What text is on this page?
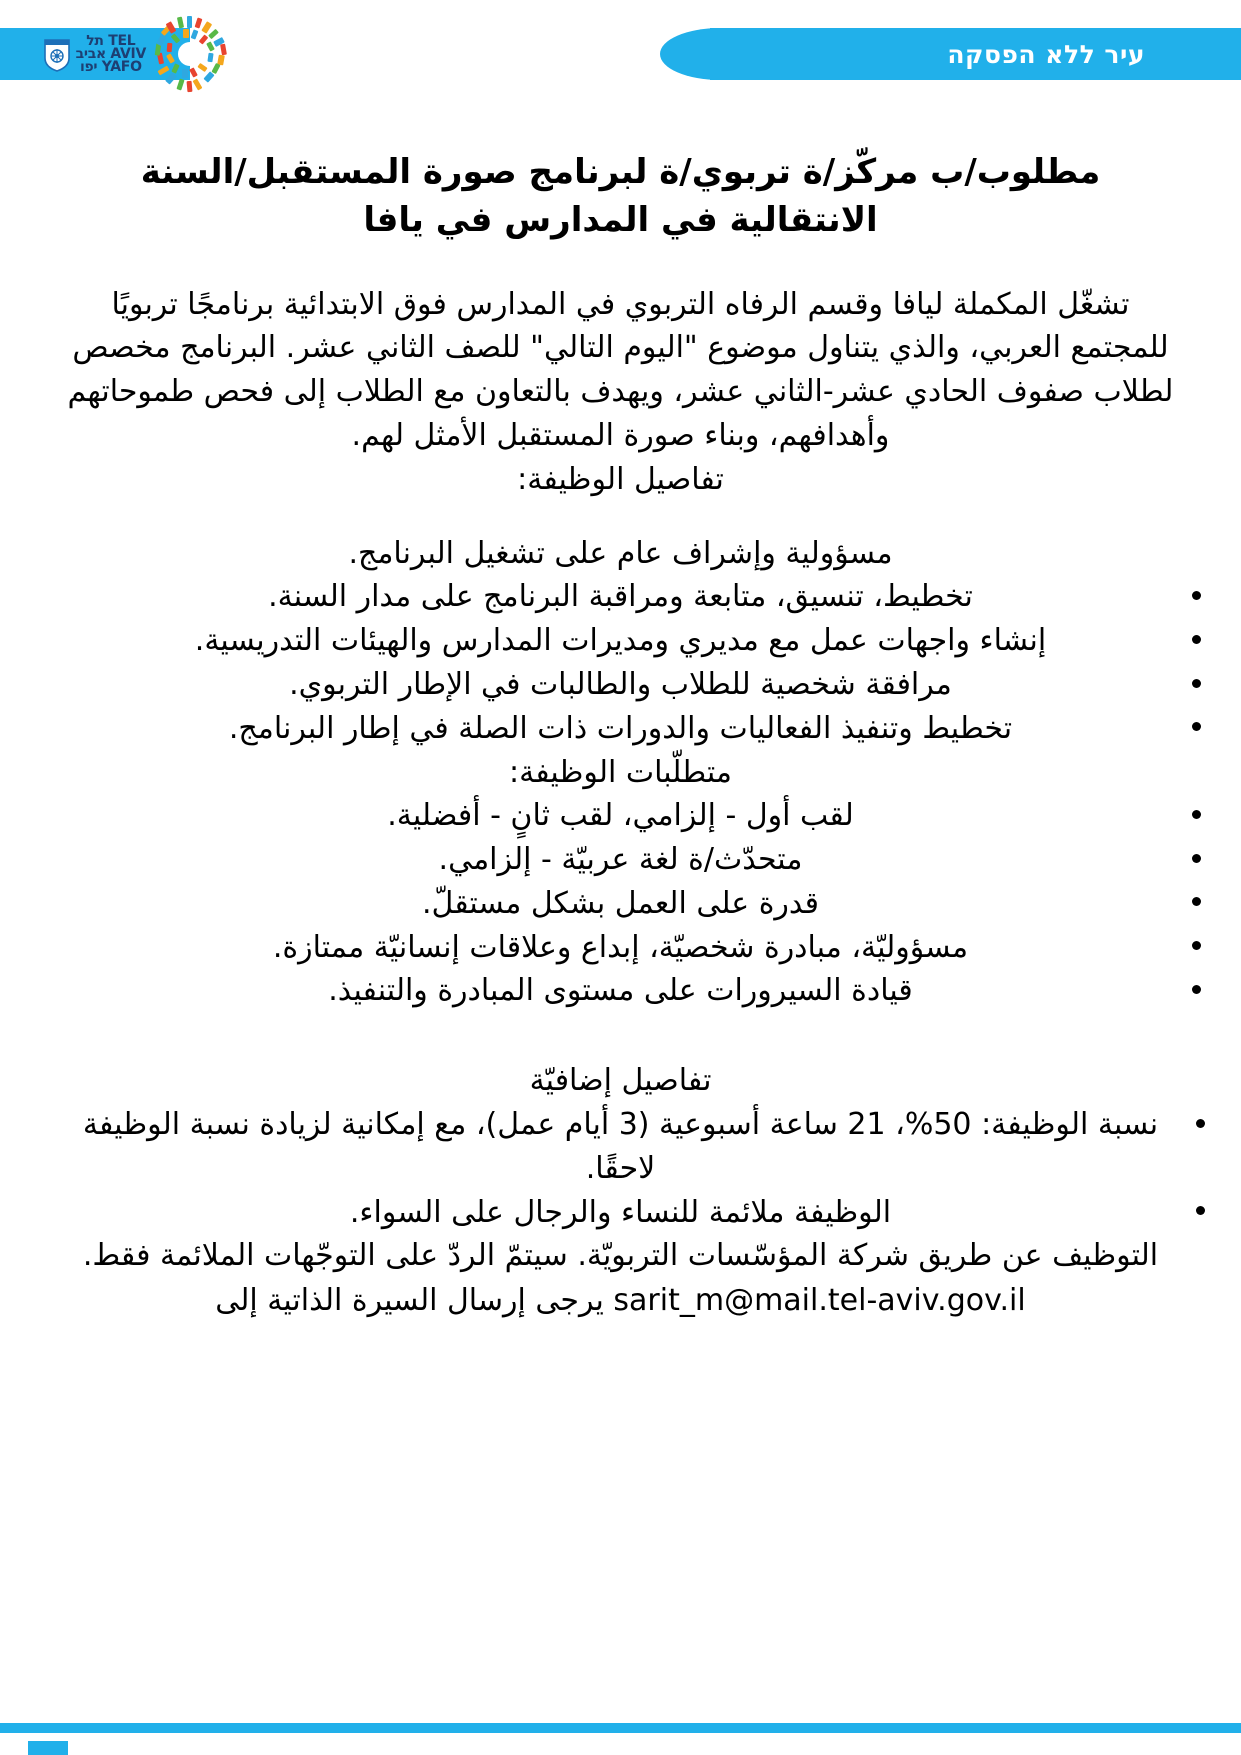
עיר ללא הפסקה
תל TEL
אביב AVIV
יפו YAFO
مطلوب/ب مركّز/ة تربوي/ة لبرنامج صورة المستقبل/السنة الانتقالية في المدارس في يافا

تشغّل المكملة ليافا وقسم الرفاه التربوي في المدارس فوق الابتدائية برنامجًا تربويًا للمجتمع العربي، والذي يتناول موضوع "اليوم التالي" للصف الثاني عشر. البرنامج مخصص لطلاب صفوف الحادي عشر-الثاني عشر، ويهدف بالتعاون مع الطلاب إلى فحص طموحاتهم وأهدافهم، وبناء صورة المستقبل الأمثل لهم.

تفاصيل الوظيفة:

مسؤولية وإشراف عام على تشغيل البرنامج.

تخطيط، تنسيق، متابعة ومراقبة البرنامج على مدار السنة.
إنشاء واجهات عمل مع مديري ومديرات المدارس والهيئات التدريسية.
مرافقة شخصية للطلاب والطالبات في الإطار التربوي.
تخطيط وتنفيذ الفعاليات والدورات ذات الصلة في إطار البرنامج.

متطلّبات الوظيفة:

لقب أول - إلزامي، لقب ثانٍ - أفضلية.
متحدّث/ة لغة عربيّة - إلزامي.
قدرة على العمل بشكل مستقلّ.
مسؤوليّة، مبادرة شخصيّة، إبداع وعلاقات إنسانيّة ممتازة.
قيادة السيرورات على مستوى المبادرة والتنفيذ.

تفاصيل إضافيّة

نسبة الوظيفة: 50%، 21 ساعة أسبوعية (3 أيام عمل)، مع إمكانية لزيادة نسبة الوظيفة لاحقًا.
الوظيفة ملائمة للنساء والرجال على السواء.

التوظيف عن طريق شركة المؤسّسات التربويّة. سيتمّ الردّ على التوجّهات الملائمة فقط.

sarit_m@mail.tel-aviv.gov.il يرجى إرسال السيرة الذاتية إلى
